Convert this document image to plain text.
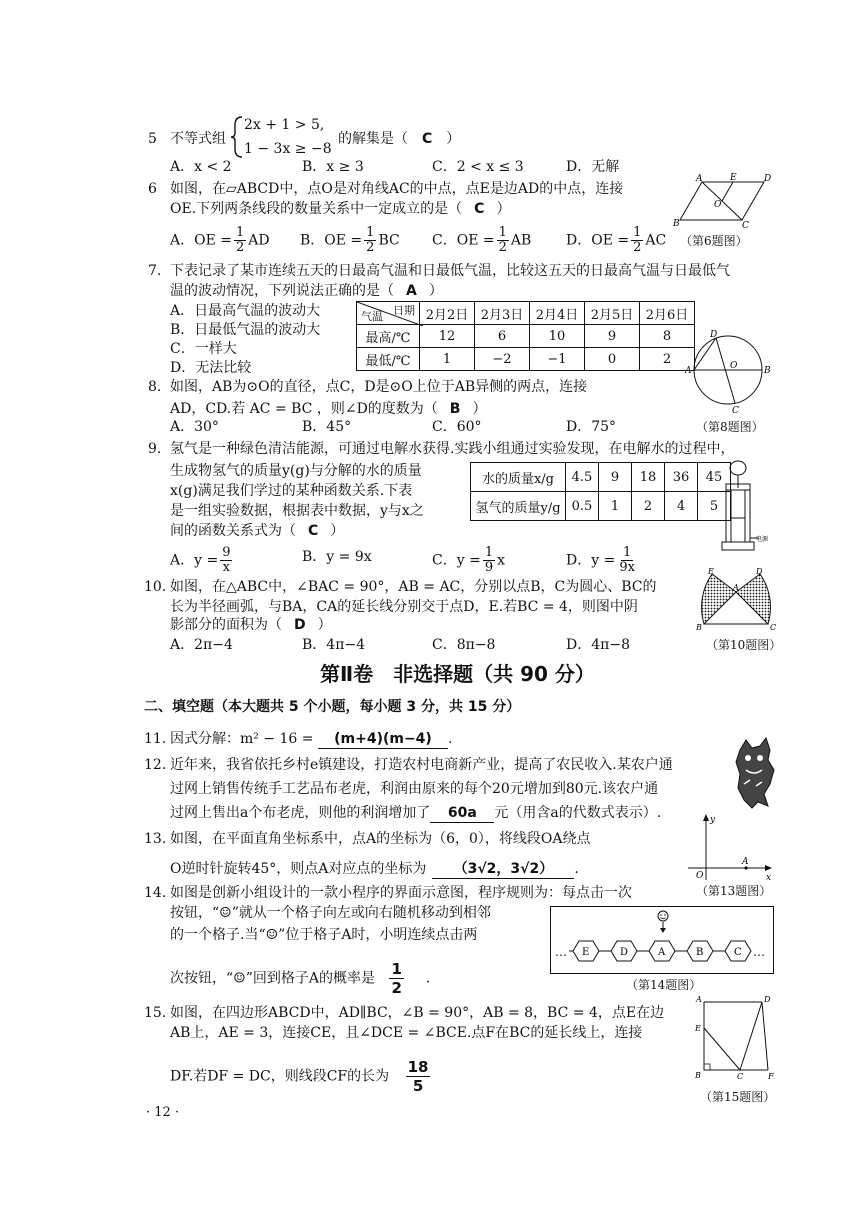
5 不等式组
2x + 1 > 5,
1 − 3x ≥ −8
的解集是（ C ）
A．x < 2	B．x ≥ 3	C．2 < x ≤ 3	D．无解
6 如图，在▱ABCD中，点O是对角线AC的中点，点E是边AD的中点，连接
OE.下列两条线段的数量关系中一定成立的是（ C ）
A．OE = $\frac{1}{2}$ AD B．OE = $\frac{1}{2}$ BC C．OE = $\frac{1}{2}$ AB D．OE = $\frac{1}{2}$ AC
A	E	D
O
B	C
（第6题图）
7. 下表记录了某市连续五天的日最高气温和日最低气温，比较这五天的日最高气温与日最低气
温的波动情况，下列说法正确的是（ A ）
A．日最高气温的波动大
B．日最低气温的波动大
C．一样大
D．无法比较
日期
气温	2月2日	2月3日	2月4日	2月5日	2月6日
最高/℃	12	6	10	9	8
最低/℃	1	−2	−1	0	2
D
A	B
O
C
（第8题图）
8. 如图，AB为⊙O的直径，点C，D是⊙O上位于AB异侧的两点，连接
AD，CD.若 AC = BC ，则∠D的度数为（ B ）
A．30°	B．45°	C．60°	D．75°
9. 氢气是一种绿色清洁能源，可通过电解水获得.实践小组通过实验发现，在电解水的过程中，
生成物氢气的质量y(g)与分解的水的质量
x(g)满足我们学过的某种函数关系.下表
是一组实验数据，根据表中数据，y与x之
间的函数关系式为（ C ）
水的质量x/g	4.5	9	18	36	45
氢气的质量y/g	0.5	1	2	4	5
电源
A．$y = \frac{9}{x}$	B．y = 9x	C．$y = \frac{1}{9}$ x	D．$y = \frac{1}{9x}$
10. 如图，在△ABC中，∠BAC = 90°，AB = AC，分别以点B，C为圆心、BC的
长为半径画弧，与BA，CA的延长线分别交于点D，E.若BC = 4，则图中阴
影部分的面积为（ D ）
A．2π−4	B．4π−4	C．8π−8	D．4π−8
E	D
A
B	C
（第10题图）
第Ⅱ卷　非选择题（共 90 分）
二、填空题（本大题共 5 个小题，每小题 3 分，共 15 分）
11. 因式分解：m² − 16 = (m+4)(m−4) .
12. 近年来，我省依托乡村e镇建设，打造农村电商新产业，提高了农民收入.某农户通
过网上销售传统手工艺品布老虎，利润由原来的每个20元增加到80元.该农户通
过网上售出a个布老虎，则他的利润增加了 60a 元（用含a的代数式表示）.
13. 如图，在平面直角坐标系中，点A的坐标为（6，0），将线段OA绕点
O逆时针旋转45°，则点A对应点的坐标为 （3√2，3√2） .
y
x
O
A
（第13题图）
14. 如图是创新小组设计的一款小程序的界面示意图，程序规则为：每点击一次
按钮，“☺”就从一个格子向左或向右随机移动到相邻
的一个格子.当“☺”位于格子A时，小明连续点击两
次按钮，“☺”回到格子A的概率是 $\frac{1}{2}$ .
…	…
E	D	A	B	C
（第14题图）
15. 如图，在四边形ABCD中，AD∥BC，∠B = 90°，AB = 8，BC = 4，点E在边
AB上，AE = 3，连接CE，且∠DCE = ∠BCE.点F在BC的延长线上，连接
DF.若DF = DC，则线段CF的长为 $\frac{18}{5}$
A	D
E
B	C	F
（第15题图）
· 12 ·
